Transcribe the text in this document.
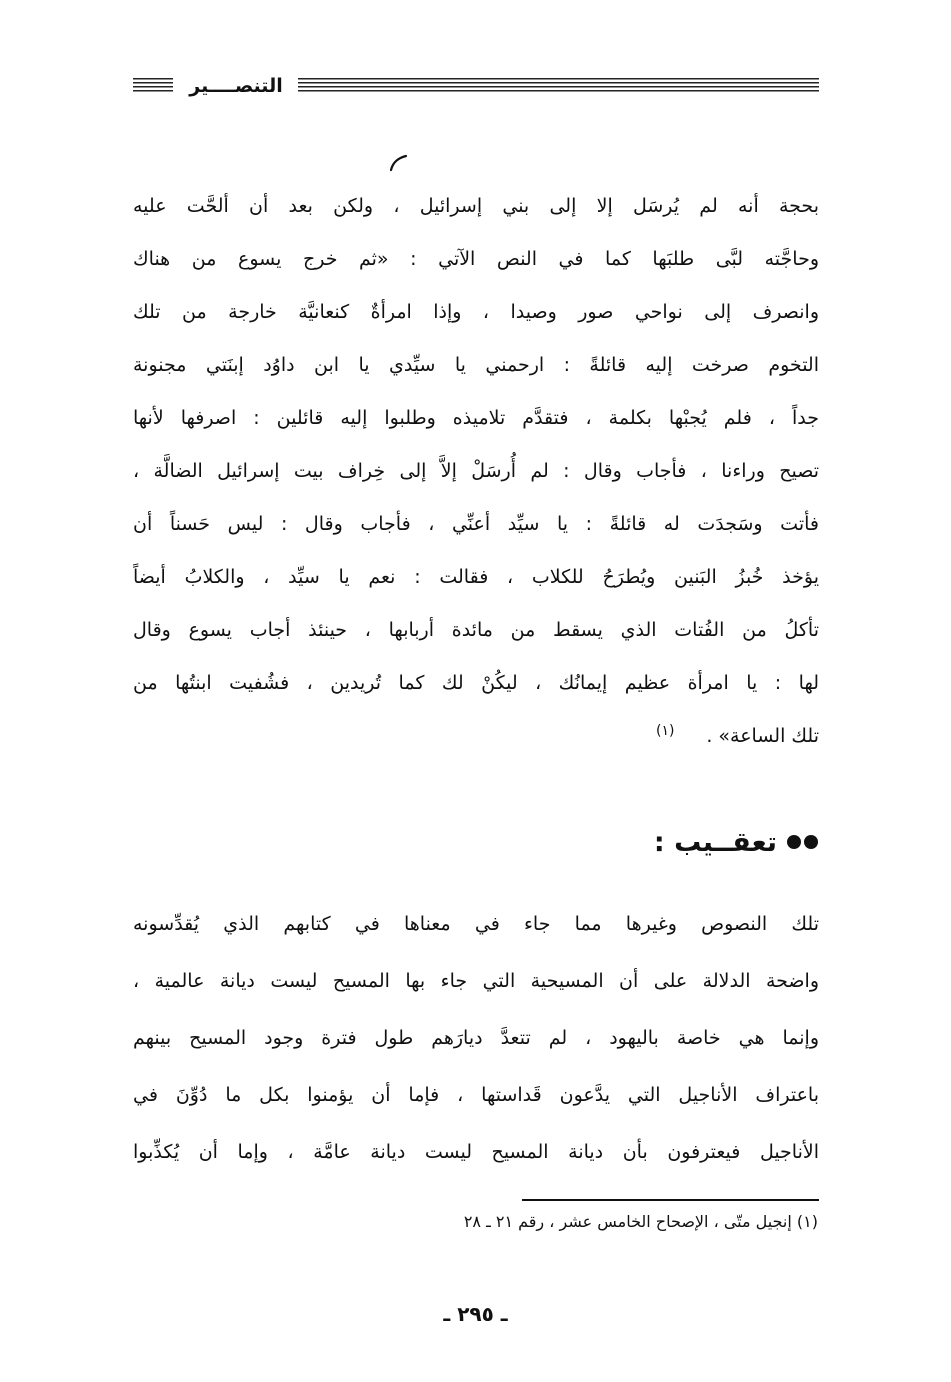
التنصــــير
بحجة أنه لم يُرسَل إلا إلى بني إسرائيل ، ولكن بعد أن ألحَّت عليه
وحاجَّته لبَّى طلبَها كما في النص الآتي : «ثم خرج يسوع من هناك
وانصرف إلى نواحي صور وصيدا ، وإذا امرأةٌ كنعانيَّة خارجة من تلك
التخوم صرخت إليه قائلةً : ارحمني يا سيِّدي يا ابن داوُد إبنَتي مجنونة
جداً ، فلم يُجبْها بكلمة ، فتقدَّم تلاميذه وطلبوا إليه قائلين : اصرفها لأنها
تصيح وراءنا ، فأجاب وقال : لم أُرسَلْ إلاَّ إلى خِراف بيت إسرائيل الضالَّة ،
فأتت وسَجدَت له قائلةً : يا سيِّد أعنِّي ، فأجاب وقال : ليس حَسناً أن
يؤخذ خُبزُ البَنين ويُطرَحُ للكلاب ، فقالت : نعم يا سيِّد ، والكلابُ أيضاً
تأكلُ من الفُتات الذي يسقط من مائدة أربابها ، حينئذ أجاب يسوع وقال
لها : يا امرأة عظيم إيمانُك ، ليكُنْ لك كما تُريدين ، فشُفيت ابنتُها من
تلك الساعة» .
(١)
تعقــيب :
تلك النصوص وغيرها مما جاء في معناها في كتابهم الذي يُقدِّسونه
واضحة الدلالة على أن المسيحية التي جاء بها المسيح ليست ديانة عالمية ،
وإنما هي خاصة باليهود ، لم تتعدَّ ديارَهم طول فترة وجود المسيح بينهم
باعتراف الأناجيل التي يدَّعون قَداستها ، فإما أن يؤمنوا بكل ما دُوِّنَ في
الأناجيل فيعترفون بأن ديانة المسيح ليست ديانة عامَّة ، وإما أن يُكذِّبوا
(١) إنجيل متّى ، الإصحاح الخامس عشر ، رقم ٢١ ـ ٢٨
ـ ٢٩٥ ـ
